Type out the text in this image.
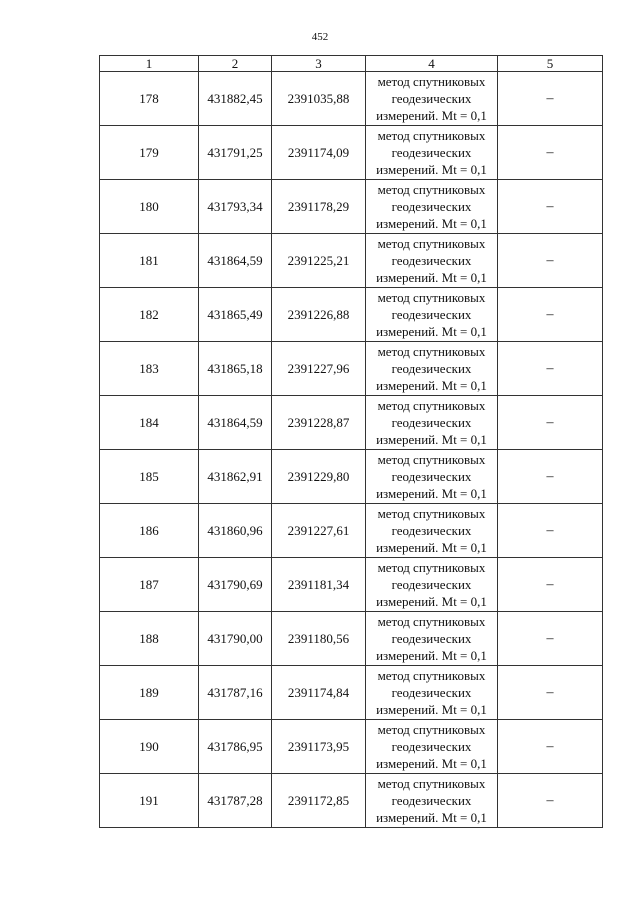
452
1	2	3	4	5
178	431882,45	2391035,88	метод спутниковых
геодезических
измерений. Mt = 0,1	–
179	431791,25	2391174,09	метод спутниковых
геодезических
измерений. Mt = 0,1	–
180	431793,34	2391178,29	метод спутниковых
геодезических
измерений. Mt = 0,1	–
181	431864,59	2391225,21	метод спутниковых
геодезических
измерений. Mt = 0,1	–
182	431865,49	2391226,88	метод спутниковых
геодезических
измерений. Mt = 0,1	–
183	431865,18	2391227,96	метод спутниковых
геодезических
измерений. Mt = 0,1	–
184	431864,59	2391228,87	метод спутниковых
геодезических
измерений. Mt = 0,1	–
185	431862,91	2391229,80	метод спутниковых
геодезических
измерений. Mt = 0,1	–
186	431860,96	2391227,61	метод спутниковых
геодезических
измерений. Mt = 0,1	–
187	431790,69	2391181,34	метод спутниковых
геодезических
измерений. Mt = 0,1	–
188	431790,00	2391180,56	метод спутниковых
геодезических
измерений. Mt = 0,1	–
189	431787,16	2391174,84	метод спутниковых
геодезических
измерений. Mt = 0,1	–
190	431786,95	2391173,95	метод спутниковых
геодезических
измерений. Mt = 0,1	–
191	431787,28	2391172,85	метод спутниковых
геодезических
измерений. Mt = 0,1	–
